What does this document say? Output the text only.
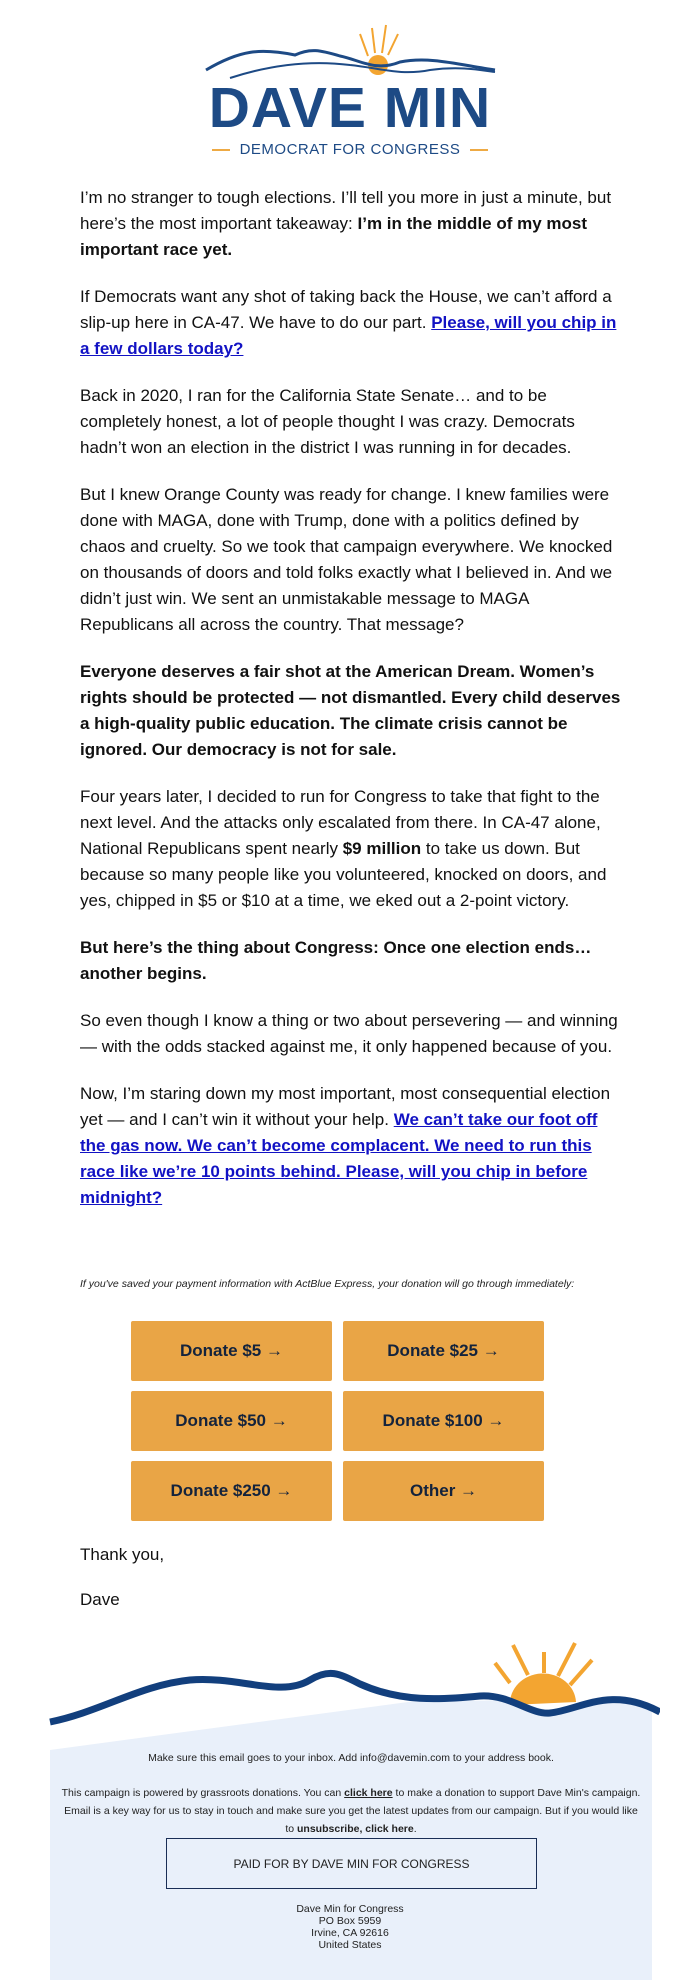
DAVE MIN
DEMOCRAT FOR CONGRESS

I’m no stranger to tough elections. I’ll tell you more in just a minute, but here’s the most important takeaway: I’m in the middle of my most important race yet.

If Democrats want any shot of taking back the House, we can’t afford a slip-up here in CA-47. We have to do our part. Please, will you chip in a few dollars today?

Back in 2020, I ran for the California State Senate… and to be completely honest, a lot of people thought I was crazy. Democrats hadn’t won an election in the district I was running in for decades.

But I knew Orange County was ready for change. I knew families were done with MAGA, done with Trump, done with a politics defined by chaos and cruelty. So we took that campaign everywhere. We knocked on thousands of doors and told folks exactly what I believed in. And we didn’t just win. We sent an unmistakable message to MAGA Republicans all across the country. That message?

Everyone deserves a fair shot at the American Dream. Women’s rights should be protected — not dismantled. Every child deserves a high-quality public education. The climate crisis cannot be ignored. Our democracy is not for sale.

Four years later, I decided to run for Congress to take that fight to the next level. And the attacks only escalated from there. In CA-47 alone, National Republicans spent nearly $9 million to take us down. But because so many people like you volunteered, knocked on doors, and yes, chipped in $5 or $10 at a time, we eked out a 2-point victory.

But here’s the thing about Congress: Once one election ends… another begins.

So even though I know a thing or two about persevering — and winning — with the odds stacked against me, it only happened because of you.

Now, I’m staring down my most important, most consequential election yet — and I can’t win it without your help. We can’t take our foot off the gas now. We can’t become complacent. We need to run this race like we’re 10 points behind. Please, will you chip in before midnight?

If you've saved your payment information with ActBlue Express, your donation will go through immediately:
Donate $5 →	Donate $25 →
Donate $50 →	Donate $100 →
Donate $250 →	Other →
Thank you,
Dave
Make sure this email goes to your inbox. Add info@davemin.com to your address book.
This campaign is powered by grassroots donations. You can click here to make a donation to support Dave Min's campaign. Email is a key way for us to stay in touch and make sure you get the latest updates from our campaign. But if you would like to unsubscribe, click here.
PAID FOR BY DAVE MIN FOR CONGRESS
Dave Min for Congress
PO Box 5959
Irvine, CA 92616
United States
